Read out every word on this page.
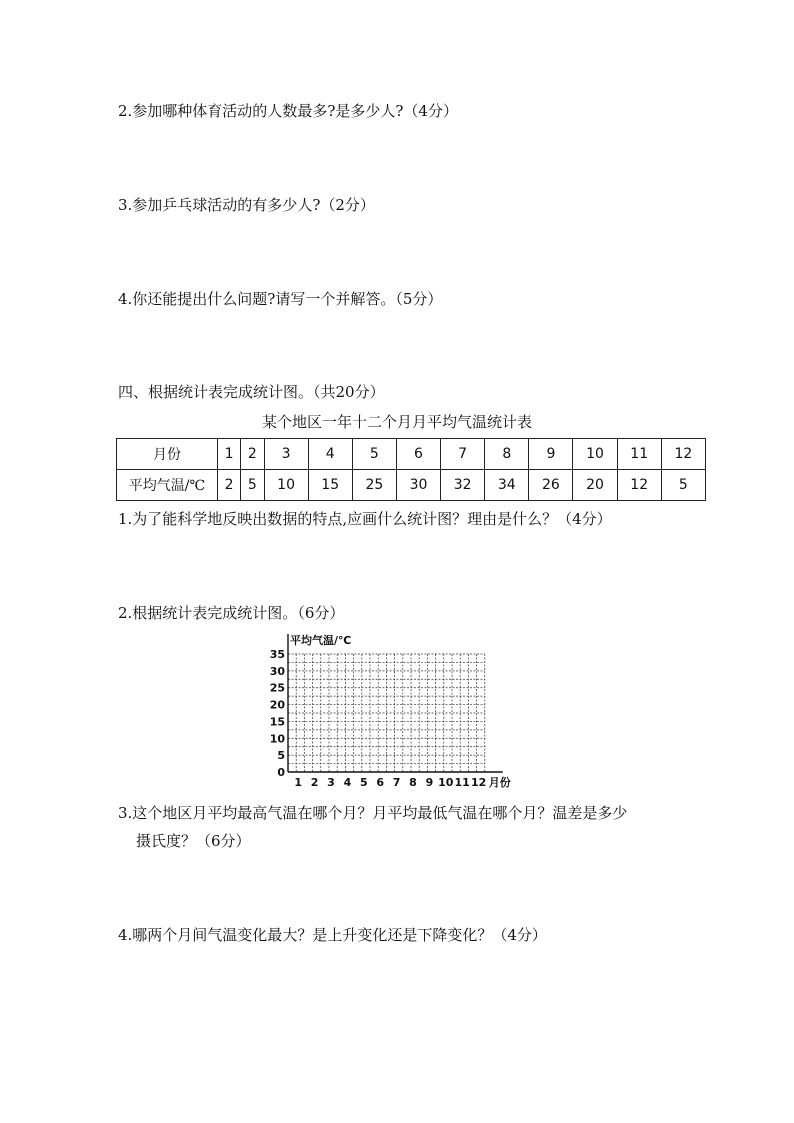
2.参加哪种体育活动的人数最多?是多少人?（4分）
3.参加乒乓球活动的有多少人?（2分）
4.你还能提出什么问题?请写一个并解答。（5分）
四、根据统计表完成统计图。（共20分）
某个地区一年十二个月月平均气温统计表
月份	1	2	3	4	5	6	7	8	9	10	11	12
平均气温/℃	2	5	10	15	25	30	32	34	26	20	12	5
1.为了能科学地反映出数据的特点,应画什么统计图？理由是什么？（4分）
2.根据统计表完成统计图。（6分）
0
5
10
15
20
25
30
35
1 2 3 4 5 6 7 8 9 10 11 12
平均气温/℃
月份
3.这个地区月平均最高气温在哪个月？月平均最低气温在哪个月？温差是多少
摄氏度？（6分）
4.哪两个月间气温变化最大？是上升变化还是下降变化？（4分）
